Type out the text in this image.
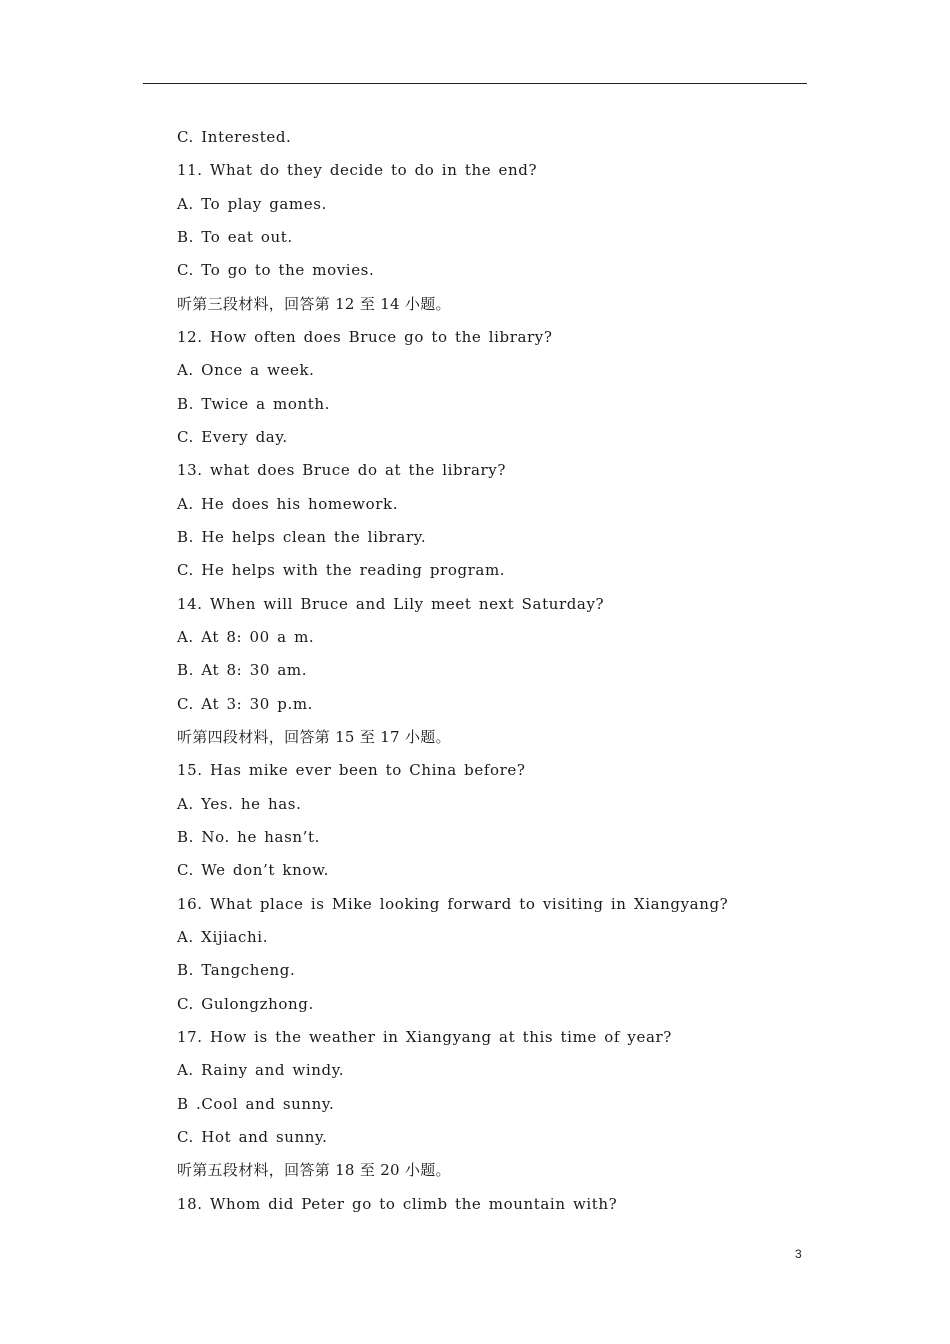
C. Interested.
11. What do they decide to do in the end?
A. To play games.
B. To eat out.
C. To go to the movies.
听第三段材料，回答第 12 至 14 小题。
12. How often does Bruce go to the library?
A. Once a week.
B. Twice a month.
C. Every day.
13. what does Bruce do at the library?
A. He does his homework.
B. He helps clean the library.
C. He helps with the reading program.
14. When will Bruce and Lily meet next Saturday?
A. At 8: 00 a m.
B. At 8: 30 am.
C. At 3: 30 p.m.
听第四段材料，回答第 15 至 17 小题。
15. Has mike ever been to China before?
A. Yes. he has.
B. No. he hasn’t.
C. We don’t know.
16. What place is Mike looking forward to visiting in Xiangyang?
A. Xijiachi.
B. Tangcheng.
C. Gulongzhong.
17. How is the weather in Xiangyang at this time of year?
A. Rainy and windy.
B .Cool and sunny.
C. Hot and sunny.
听第五段材料，回答第 18 至 20 小题。
18. Whom did Peter go to climb the mountain with?
3
